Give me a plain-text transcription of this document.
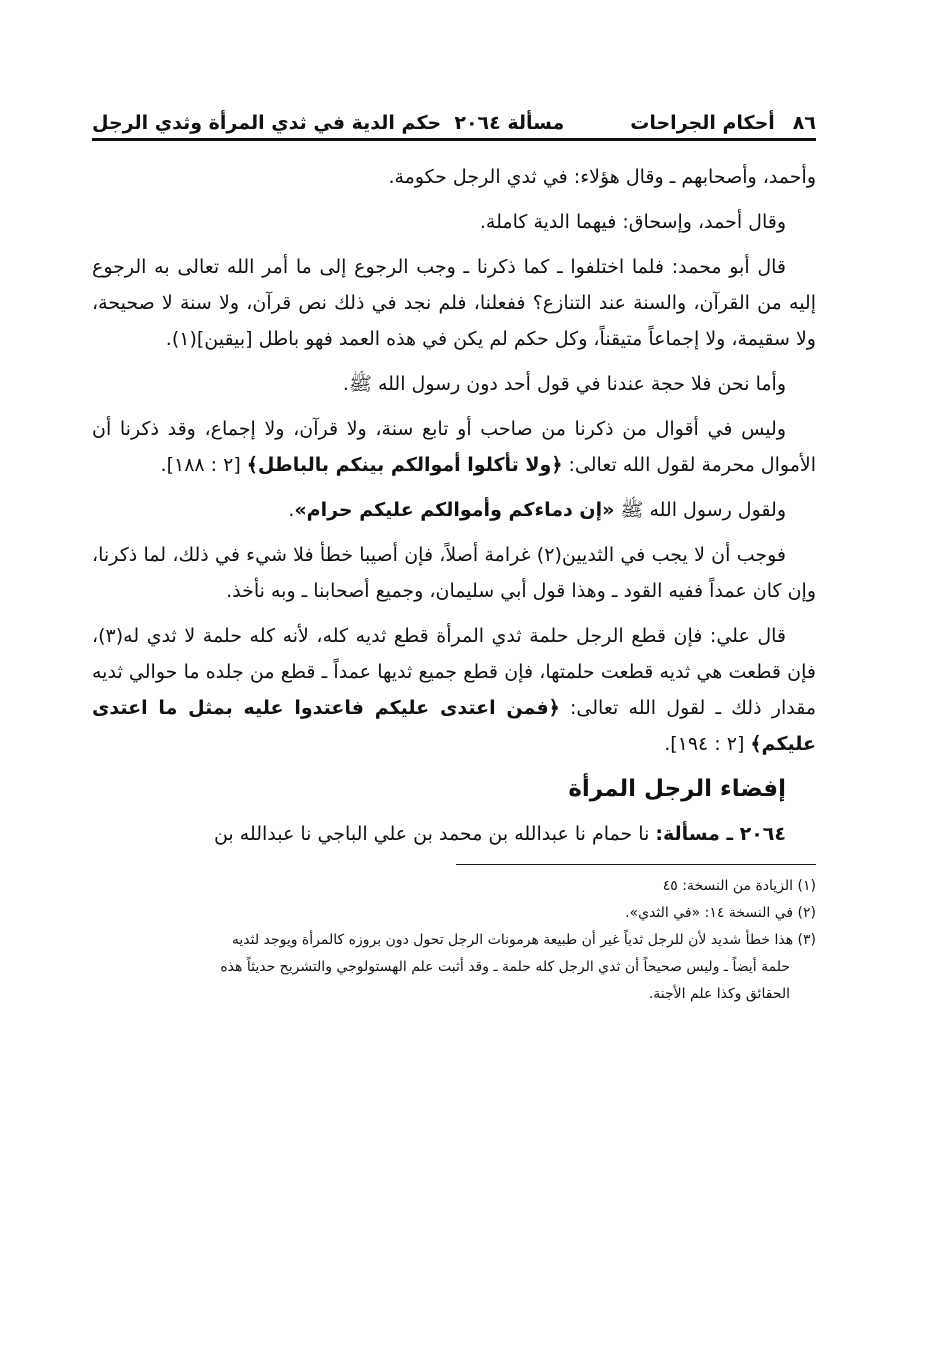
٨٦
أحكام الجراحات
مسألة ٢٠٦٤
حكم الدية في ثدي المرأة وثدي الرجل

وأحمد، وأصحابهم ـ وقال هؤلاء: في ثدي الرجل حكومة.

وقال أحمد، وإسحاق: فيهما الدية كاملة.

قال أبو محمد: فلما اختلفوا ـ كما ذكرنا ـ وجب الرجوع إلى ما أمر الله تعالى به الرجوع إليه من القرآن، والسنة عند التنازع؟ ففعلنا، فلم نجد في ذلك نص قرآن، ولا سنة لا صحيحة، ولا سقيمة، ولا إجماعاً متيقناً، وكل حكم لم يكن في هذه العمد فهو باطل [بيقين](١).

وأما نحن فلا حجة عندنا في قول أحد دون رسول الله ﷺ.

وليس في أقوال من ذكرنا من صاحب أو تابع سنة، ولا قرآن، ولا إجماع، وقد ذكرنا أن الأموال محرمة لقول الله تعالى: ﴿ولا تأكلوا أموالكم بينكم بالباطل﴾ [٢ : ١٨٨].

ولقول رسول الله ﷺ «إن دماءكم وأموالكم عليكم حرام».

فوجب أن لا يجب في الثديين(٢) غرامة أصلاً، فإن أصيبا خطأ فلا شيء في ذلك، لما ذكرنا، وإن كان عمداً ففيه القود ـ وهذا قول أبي سليمان، وجميع أصحابنا ـ وبه نأخذ.

قال علي: فإن قطع الرجل حلمة ثدي المرأة قطع ثديه كله، لأنه كله حلمة لا ثدي له(٣)، فإن قطعت هي ثديه قطعت حلمتها، فإن قطع جميع ثديها عمداً ـ قطع من جلده ما حوالي ثديه مقدار ذلك ـ لقول الله تعالى: ﴿فمن اعتدى عليكم فاعتدوا عليه بمثل ما اعتدى عليكم﴾ [٢ : ١٩٤].

إفضاء الرجل المرأة

٢٠٦٤ ـ مسألة: نا حمام نا عبدالله بن محمد بن علي الباجي نا عبدالله بن

(١) الزيادة من النسخة: ٤٥

(٢) في النسخة ١٤: «في الثدي».

(٣) هذا خطأ شديد لأن للرجل ثدياً غير أن طبيعة هرمونات الرجل تحول دون بروزه كالمرأة ويوجد لثديه

حلمة أيضاً ـ وليس صحيحاً أن ثدي الرجل كله حلمة ـ وقد أثبت علم الهستولوجي والتشريح حديثاً هذه

الحقائق وكذا علم الأجنة.
